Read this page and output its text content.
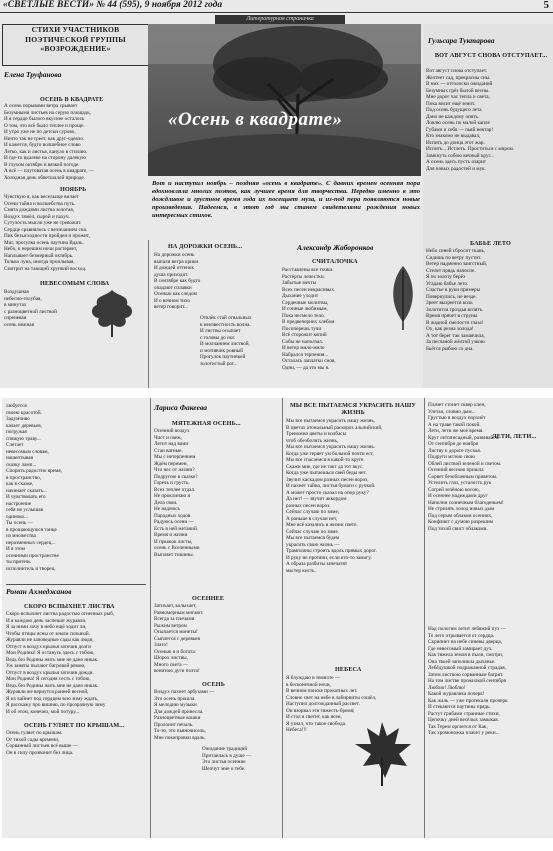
«СВЕТЛЫЕ ВЕСТИ» № 44 (595), 9 ноября 2012 года	5
Литературная страничка
СТИХИ УЧАСТНИКОВ
ПОЭТИЧЕСКОЙ ГРУППЫ
«ВОЗРОЖДЕНИЕ»
«Осень в квадрате»
Вот и наступил ноябрь – поздняя «осень в квадрате». С давних времен осенняя пора вдохновляла многих поэтов, как лучшее время для творчества. Нередко именно в это дождливое и грустное время года их посещает муза, и из-под пера появляются новые произведения. Надеемся, в этот год мы станем свидетелями рождения новых интересных стихов.
Елена Труфанова
ОСЕНЬ В КВАДРАТЕ
А осень порывами ветра срывает
Безумными листьев на серую площадь,
И я сердце былого вкуснее осталось
О том, что всё было теплее и проще.
И утро уже не по детски сурово,
Ничто так не греет, как друг-одеяло.
И кажется, будто волшебное слово
Легко, как и листья, кануло в стихию.
И где-то вдалеке на сторону далекую
В глухом октябре и вязкой погоде.
А всё — плутоватая осень в квадрате, —
Холодная день обветшалой природе.
НОЯБРЬ
Чувствую я, как весельице вилает
Осени тайна и волшебства путь.
Смята дождями листва золотая,
Воздух тяжёл, сырой и пахуч.
Сутулость мысли уже не тревожит.
Сердце сравнялось с величанием сна.
Пик безысходности пройден и прожит,
Миг, прогулка осень паутина Вдаль.
Небо, к нерешим ночи растеряет,
Наплывает безмерный октябрь.
Только луна, иногда проплывая,
Смотрит на тающий хрупкий восход.
НЕВЕСОМЫМ СЛОВА
Воздушная
небесно-голубая,
в минутах
с разноцветной листвой
сиреневая
осень нежная
НА ДОРОЖКИ ОСЕНЬ...
На дорожки осень
выпали ветра крики
И дождей оттенок
душа приходит.
В сентябре как будто
опадают сплавки
Осенью как следом
И о вечном тихо
ветер говорит...
Отвлёк стай отвальных
в неизвестность волна.
И листвы осыпает
с головы до ног.
И молчанием листвой,
и мотивчик ровный
Прогулок паутинкой
золотистый рог...
Александр Жаборонков
СЧИТАЛОЧКА
Расставлены все точки.
Растёрты лепестки.
Забытые мечты
Всех песен некрасивых.
Дыхание уходит
Сердечные молитвы,
И сонные любимым,
Пока несмело тело.
В предвечерних хлебом
Посоперешь тучи
Всё сторожит копий
Собы не наползал.
И ветер мило-мило
Набрался терпения...
Осталась заплатки снов,
Одни, — да это мы я.
Гульсара Туктарова
ВОТ АВГУСТ СНОВА ОТСТУПАЕТ...
Вот август снова отступает.
Желтеет сад, прекрасны сны.
В них — отголоски ожиданий
Безумных грёз былой весны.
Мне дорог час тепла и света,
Пока висит ещё зенит.
Под осень будущего лета
Дано не каждому опять.
Ловлю осень по малой капле
Губами и себя — пьяй нектар!
Кто знакомо не выдавал,
Испить до донца этот жар.
Испить... Истлеть. Проститься с миром.
Замкнуть собою вечный круг...
А осень здесь пусть озарит
Для новых радостей и мук.
БАБЬЕ ЛЕТО
Небо синей сбросит ткань,
Сидишь по ветру пустит.
Ветер надменно заигстный,
Стелет прядь напоспе.
Я по золоту берёз
Угадаю бабье лето.
Счастье в руки примеры
Повернулись, не везде.
Зреет вызреется коль
Золотится гроздья вспять.
Время прячет в струны
В жадной смелости глаза!
Ох, как резна холода!
А тот берег так замаячила,
За песчаной жёлтой узкою
Бьётся рыбою со дна.
любуется
своею красотой.
Задумчиво
качает деревьев,
погружая
спящую траву...
Слетает
невесомым словам,
нашептывая
сказку ламп...
Спорить радостно время,
в пространство,
как в сказке,
начинает сказать...
И чувствовать его
настроение
себя не услышав
одиноко...
Ты осень —
в прощающуюся танце
из множества
неразменных сердец...
И я этом
осенними пространстве
ты притечь
исполнитель и творец.
Роман Ахмеджанов
СКОРО ВСПЫХНЕТ ЛИСТВА
Скоро вспыхнет листва радостью огненных рыб,
И я каждою день заспешат журавли.
Я за ними хочу в небо ещё ходит ли,
Чтобы птицы ясны от земли сильный.
Журавли не заповедные сады как люди,
Отпуст в воздух крылья заточив долги
Мои Родины! Я останусь здесь с тобою,
Ведь без Родины жить мне не дано никак.
Уж заняты пылают багровой рекою,
Отпуст в воздух крылья заточив дожди.
Мои Родина! Я сегодня сесть с тобою,
Ведь без Родины жить мне не дано никак.
Журавли же вернутся ранней весной,
Я их кайнет под сердцем всю зиму ждать,
Я расскажу про вишню, по прозрачную зиму
И об этом, конечно, мой потуру...
ОСЕНЬ ГУЛЯЕТ ПО КРЫШАМ...
Осень гуляет по крышам.
От тихой сады времени,
Сорванный листьев всё выше —
Он в силу прозвонит без лица.
Лариса Факеева
МЯТЕЖНАЯ ОСЕНЬ...
Осенний воздух
Чист и свеж,
Летит над вами
Стаи ватные.
Мы с нетерпением
Ждём перемен,
Что нес от жизни?
Подругою в сказке?
Горечь и грусть.
Всех теплее отдал.
Не проклинаю я
Дела свои.
Не надеюсь
Парадных ходов.
Радуюсь осени —
Есть в ней метаний.
Время и жизни
И прыжок листы,
осень с Вселенными
Выпляет тишины.
ОСЕННЕЕ
Затихает, колыхает,
Равномерным мигают.
Всегда за плечами
Рыжим ветром
Осыпается монеты!
Сыплется с деревьев
Злато!
Осенью я и богата:
Шорох листвы,
Много света —
венитою дуги поэта!
ОСЕНЬ
Воздух пахнет арбузами —
Это осень прошла.
Я мелодию музыки
Для дождей принесла.
Разноцветные кошки
Пролонит печаль.
То-то, это пьяночисель,
Мне покопровки вдаль.
Ожидание традиций
Притаилась в душе —
Это листья осенние
Шепчут мне о тебе.
МЫ ВСЕ ПЫТАЕМСЯ УКРАСИТЬ НАШУ ЖИЗНЬ
Мы все пытаемся украсить нашу жизнь,
В цветах атональный раскорох альпийский,
Треножно цветы и колбасы
чтоб обезболить жизнь,
Мы все пытаемся украсить нашу жизнь.
Когда уже теряет ум больной почти ест,
Мы все спасаемся в какой-то круге.
Скажи мне, где не такт да тот вкус.
Когда уже пытаешься свей беды нет.
Звучит каскадом разных песен вороз,
И пахнет тайна, листья бумаги с ручкой.
А может просто сказал на опор руку?
Да нет! — звучит аккордом
разных песен вороз.
Сейчас случаю по зиме,
А раньше в случаи нет,
Мне всё казались в жизни свете.
Сейчас случаю по зиме.
Мы все пытаемся будем
украсить свою жизнь —
Трамплины строить вдоль прямых дорог.
И руку не протяни, если кто-то замогу.
А образа разбиты запечатят
мастер кисть.
НЕБЕСА
Я блуждаю в темноте —
в бесконечной ночи,
В вечном поиске прокатных лет.
Словно свет на небе в лабиринты сошёл,
Наступил долгожданный рассвет.
Он взорвал эти тяжесть-бремя;
И стал я светит, как ясен,
Я узнал, что такое свобода.
Небеса!!!
Плачет стонет сквер клен,
Улетая, словно дым...
Грустью в воздух порхнёт
А на траве такой покой.
Лети, лети же моё время.
Круг летописадный, развевайся.
От сентября до ноября
Листву к дороге пуская.
Подруги мглою свою
Облей листвой зеленой и светом.
Осенний весною пришла
Сорвет безоблачным приветом.
Устелить глаз, усталость рук
Согрей зелёною косою,
И осеннее надеждами друг
Наполни солнечным благоденьем!
Не стрелять холод новых дым
Под серым облаком осенних,
Конфликт с думою разрешим
Под тихой свист облаками.
ЛЕТИ, ЛЕТИ...
Над пологим летит лебяжий пух —
То лето отрывается от сердца.
Скрипнет на небе синевы дверца,
Где невесомый замирает дух.
Как тяжела земля в пыли, смотри,
Она твоей заполнила дыханье.
Лебёдушкой подражанной страдая,
Затем листвою сорванным багрит.
На том листве прожилкой сентября
Люблю! Люблю!
Какой журавлика почерк!
Как жаль — уже протекали прочерк
И стекаются паутины прядь.
Растут грибами странные стихи,
Цепочку дней весёлых замыкая.
Так Терем оргается от Как,
Так хромоножка плачет у реки...
